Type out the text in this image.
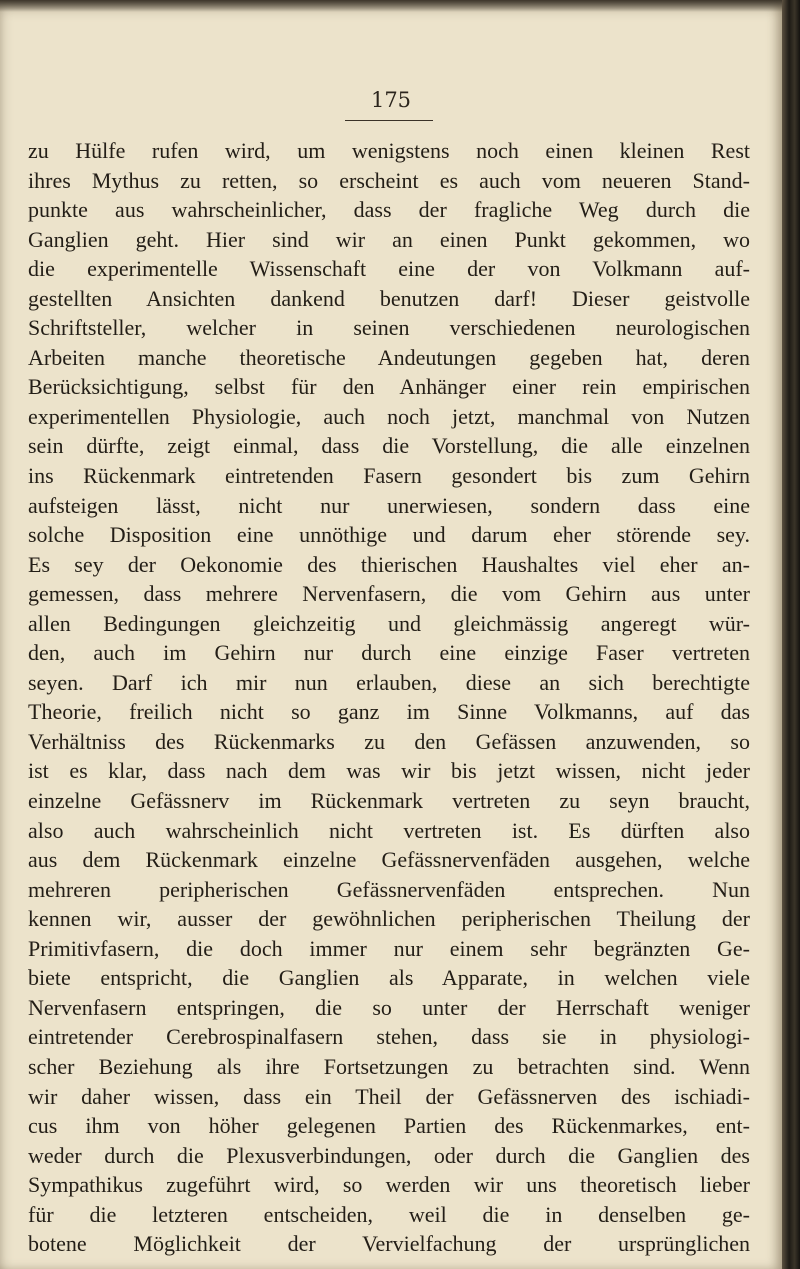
175
zu Hülfe rufen wird, um wenigstens noch einen kleinen Rest
ihres Mythus zu retten, so erscheint es auch vom neueren Stand-
punkte aus wahrscheinlicher, dass der fragliche Weg durch die
Ganglien geht. Hier sind wir an einen Punkt gekommen, wo
die experimentelle Wissenschaft eine der von Volkmann auf-
gestellten Ansichten dankend benutzen darf! Dieser geistvolle
Schriftsteller, welcher in seinen verschiedenen neurologischen
Arbeiten manche theoretische Andeutungen gegeben hat, deren
Berücksichtigung, selbst für den Anhänger einer rein empirischen
experimentellen Physiologie, auch noch jetzt, manchmal von Nutzen
sein dürfte, zeigt einmal, dass die Vorstellung, die alle einzelnen
ins Rückenmark eintretenden Fasern gesondert bis zum Gehirn
aufsteigen lässt, nicht nur unerwiesen, sondern dass eine
solche Disposition eine unnöthige und darum eher störende sey.
Es sey der Oekonomie des thierischen Haushaltes viel eher an-
gemessen, dass mehrere Nervenfasern, die vom Gehirn aus unter
allen Bedingungen gleichzeitig und gleichmässig angeregt wür-
den, auch im Gehirn nur durch eine einzige Faser vertreten
seyen. Darf ich mir nun erlauben, diese an sich berechtigte
Theorie, freilich nicht so ganz im Sinne Volkmanns, auf das
Verhältniss des Rückenmarks zu den Gefässen anzuwenden, so
ist es klar, dass nach dem was wir bis jetzt wissen, nicht jeder
einzelne Gefässnerv im Rückenmark vertreten zu seyn braucht,
also auch wahrscheinlich nicht vertreten ist. Es dürften also
aus dem Rückenmark einzelne Gefässnervenfäden ausgehen, welche
mehreren peripherischen Gefässnervenfäden entsprechen. Nun
kennen wir, ausser der gewöhnlichen peripherischen Theilung der
Primitivfasern, die doch immer nur einem sehr begränzten Ge-
biete entspricht, die Ganglien als Apparate, in welchen viele
Nervenfasern entspringen, die so unter der Herrschaft weniger
eintretender Cerebrospinalfasern stehen, dass sie in physiologi-
scher Beziehung als ihre Fortsetzungen zu betrachten sind. Wenn
wir daher wissen, dass ein Theil der Gefässnerven des ischiadi-
cus ihm von höher gelegenen Partien des Rückenmarkes, ent-
weder durch die Plexusverbindungen, oder durch die Ganglien des
Sympathikus zugeführt wird, so werden wir uns theoretisch lieber
für die letzteren entscheiden, weil die in denselben ge-
botene Möglichkeit der Vervielfachung der ursprünglichen
